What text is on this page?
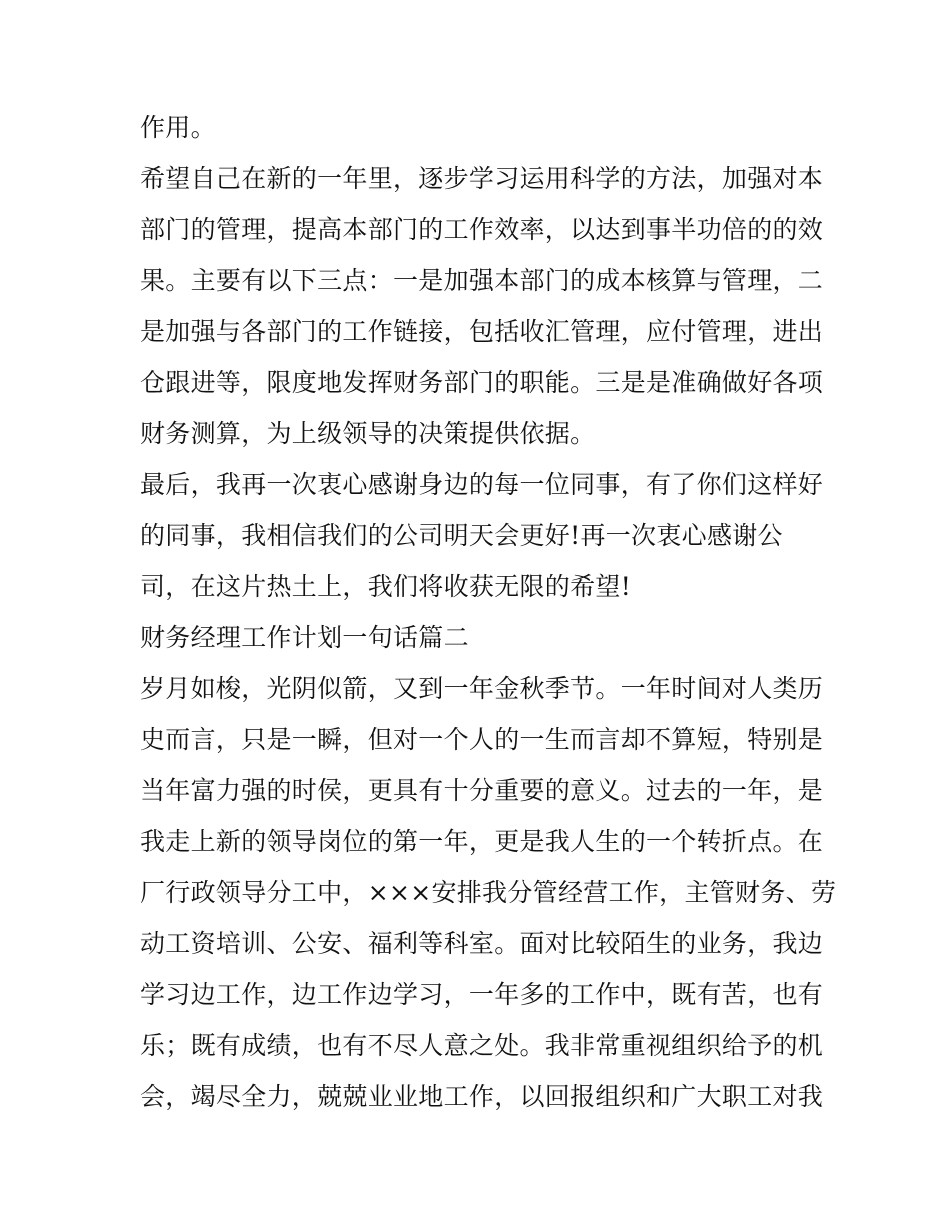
作用。

希望自己在新的一年里，逐步学习运用科学的方法，加强对本

部门的管理，提高本部门的工作效率，以达到事半功倍的的效

果。主要有以下三点：一是加强本部门的成本核算与管理，二

是加强与各部门的工作链接，包括收汇管理，应付管理，进出

仓跟进等，限度地发挥财务部门的职能。三是是准确做好各项

财务测算，为上级领导的决策提供依据。

最后，我再一次衷心感谢身边的每一位同事，有了你们这样好

的同事，我相信我们的公司明天会更好!再一次衷心感谢公

司，在这片热土上，我们将收获无限的希望!

财务经理工作计划一句话篇二

岁月如梭，光阴似箭，又到一年金秋季节。一年时间对人类历

史而言，只是一瞬，但对一个人的一生而言却不算短，特别是

当年富力强的时侯，更具有十分重要的意义。过去的一年，是

我走上新的领导岗位的第一年，更是我人生的一个转折点。在

厂行政领导分工中，×××安排我分管经营工作，主管财务、劳

动工资培训、公安、福利等科室。面对比较陌生的业务，我边

学习边工作，边工作边学习，一年多的工作中，既有苦，也有

乐；既有成绩，也有不尽人意之处。我非常重视组织给予的机

会，竭尽全力，兢兢业业地工作，以回报组织和广大职工对我
